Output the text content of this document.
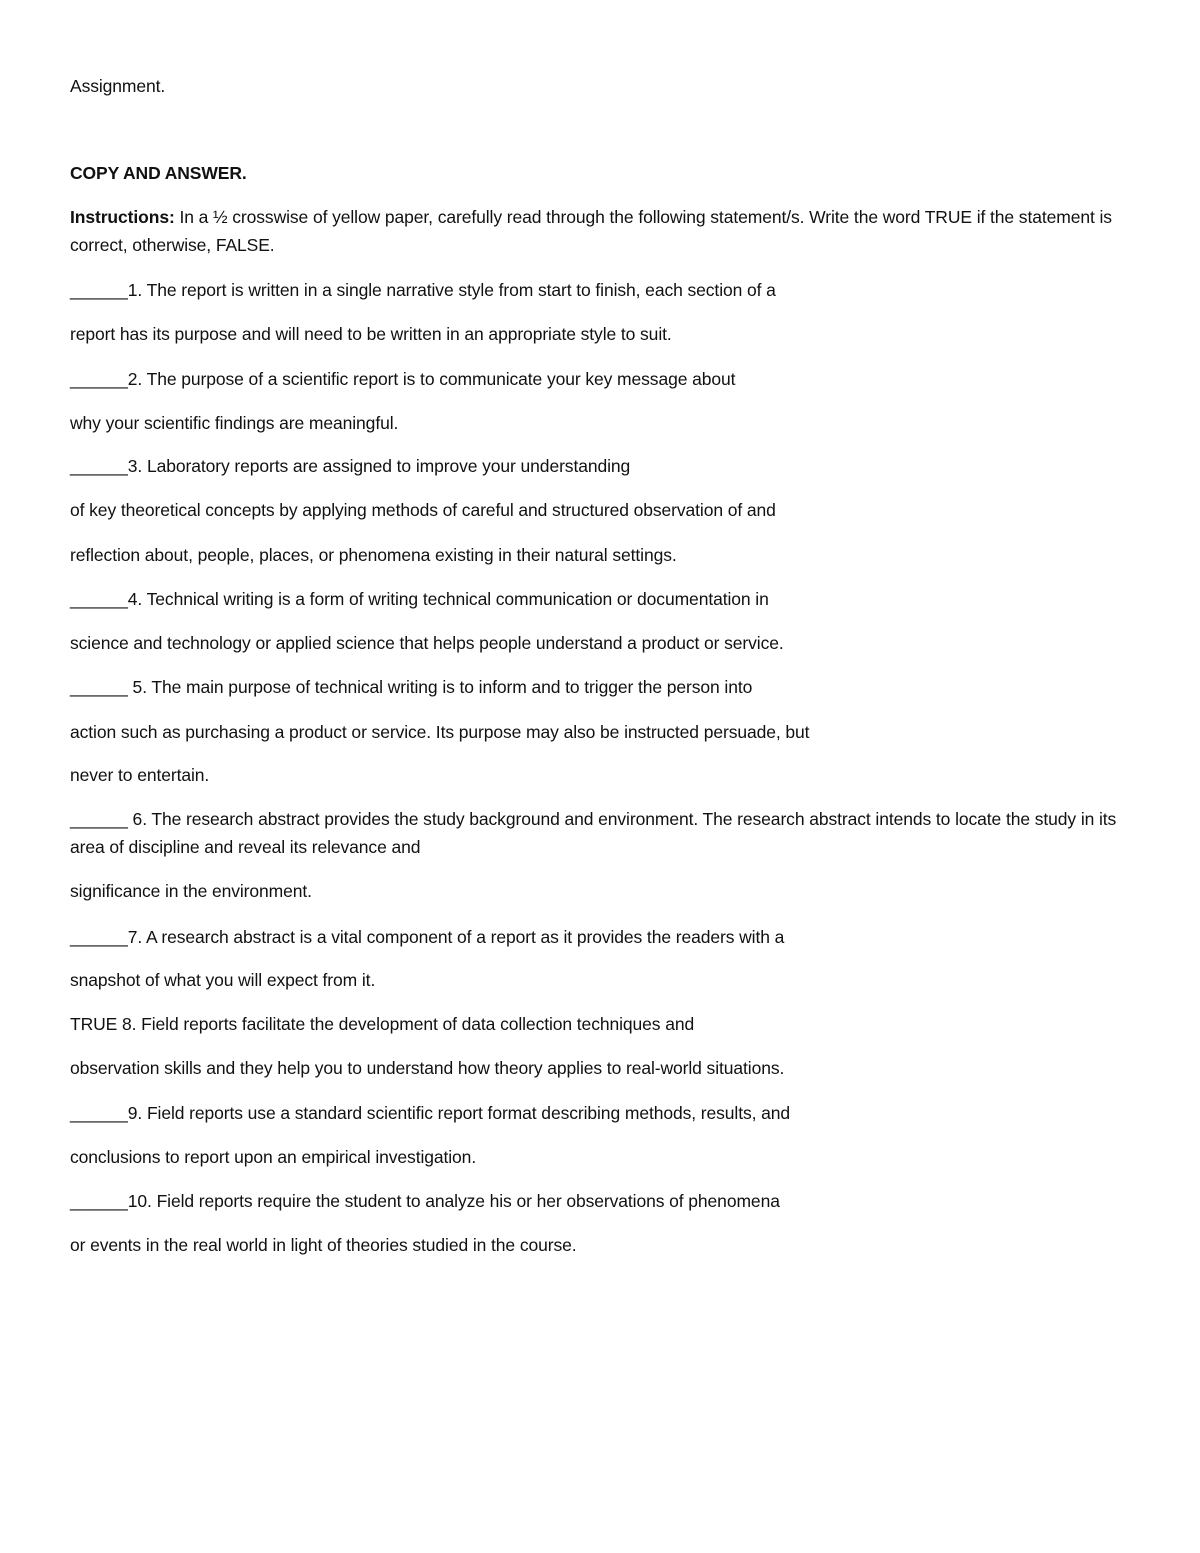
Assignment.
COPY AND ANSWER.
Instructions: In a ½ crosswise of yellow paper, carefully read through the following statement/s. Write the word TRUE if the statement is correct, otherwise, FALSE.
______1. The report is written in a single narrative style from start to finish, each section of a
report has its purpose and will need to be written in an appropriate style to suit.
______2. The purpose of a scientific report is to communicate your key message about
why your scientific findings are meaningful.
______3. Laboratory reports are assigned to improve your understanding
of key theoretical concepts by applying methods of careful and structured observation of and
reflection about, people, places, or phenomena existing in their natural settings.
______4. Technical writing is a form of writing technical communication or documentation in
science and technology or applied science that helps people understand a product or service.
______ 5. The main purpose of technical writing is to inform and to trigger the person into
action such as purchasing a product or service. Its purpose may also be instructed persuade, but
never to entertain.
______ 6. The research abstract provides the study background and environment. The research abstract intends to locate the study in its area of discipline and reveal its relevance and
significance in the environment.
______7. A research abstract is a vital component of a report as it provides the readers with a
snapshot of what you will expect from it.
TRUE 8. Field reports facilitate the development of data collection techniques and
observation skills and they help you to understand how theory applies to real-world situations.
______9. Field reports use a standard scientific report format describing methods, results, and
conclusions to report upon an empirical investigation.
______10. Field reports require the student to analyze his or her observations of phenomena
or events in the real world in light of theories studied in the course.
